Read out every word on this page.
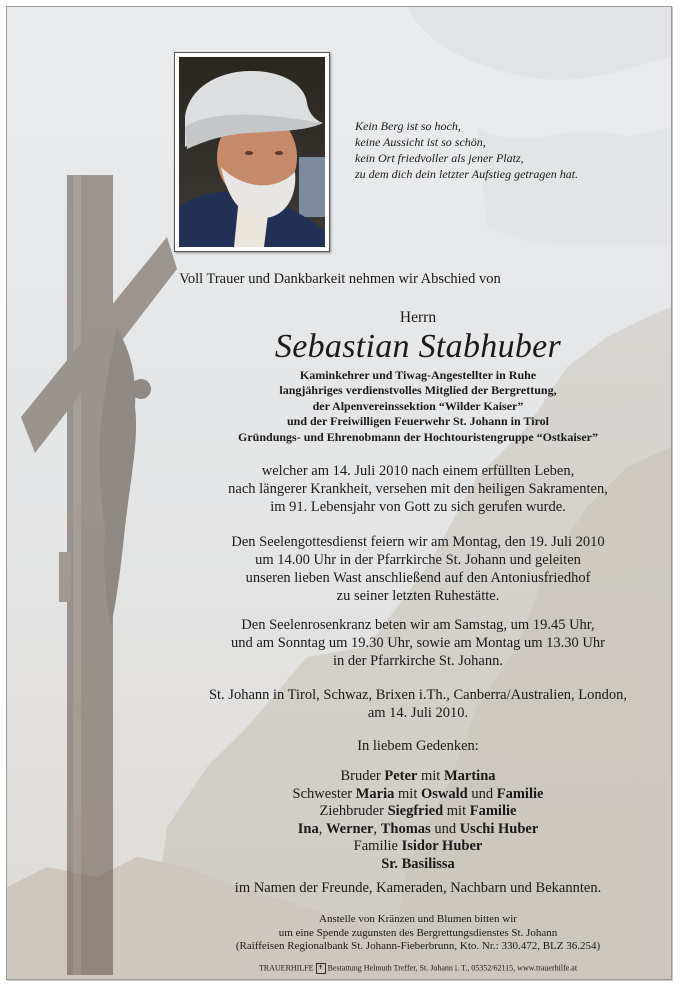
Kein Berg ist so hoch,
keine Aussicht ist so schön,
kein Ort friedvoller als jener Platz,
zu dem dich dein letzter Aufstieg getragen hat.
Voll Trauer und Dankbarkeit nehmen wir Abschied von
Herrn
Sebastian Stabhuber
Kaminkehrer und Tiwag-Angestellter in Ruhe
langjähriges verdienstvolles Mitglied der Bergrettung,
der Alpenvereinssektion “Wilder Kaiser”
und der Freiwilligen Feuerwehr St. Johann in Tirol
Gründungs- und Ehrenobmann der Hochtouristengruppe “Ostkaiser”
welcher am 14. Juli 2010 nach einem erfüllten Leben,
nach längerer Krankheit, versehen mit den heiligen Sakramenten,
im 91. Lebensjahr von Gott zu sich gerufen wurde.
Den Seelengottesdienst feiern wir am Montag, den 19. Juli 2010
um 14.00 Uhr in der Pfarrkirche St. Johann und geleiten
unseren lieben Wast anschließend auf den Antoniusfriedhof
zu seiner letzten Ruhestätte.
Den Seelenrosenkranz beten wir am Samstag, um 19.45 Uhr,
und am Sonntag um 19.30 Uhr, sowie am Montag um 13.30 Uhr
in der Pfarrkirche St. Johann.
St. Johann in Tirol, Schwaz, Brixen i.Th., Canberra/Australien, London,
am 14. Juli 2010.
In liebem Gedenken:
Bruder Peter mit Martina
Schwester Maria mit Oswald und Familie
Ziehbruder Siegfried mit Familie
Ina, Werner, Thomas und Uschi Huber
Familie Isidor Huber
Sr. Basilissa
im Namen der Freunde, Kameraden, Nachbarn und Bekannten.
Anstelle von Kränzen und Blumen bitten wir
um eine Spende zugunsten des Bergrettungsdienstes St. Johann
(Raiffeisen Regionalbank St. Johann-Fieberbrunn, Kto. Nr.: 330.472, BLZ 36.254)
TRAUERHILFE ✝ Bestattung Helmuth Treffer, St. Johann i. T., 05352/62115, www.trauerhilfe.at
